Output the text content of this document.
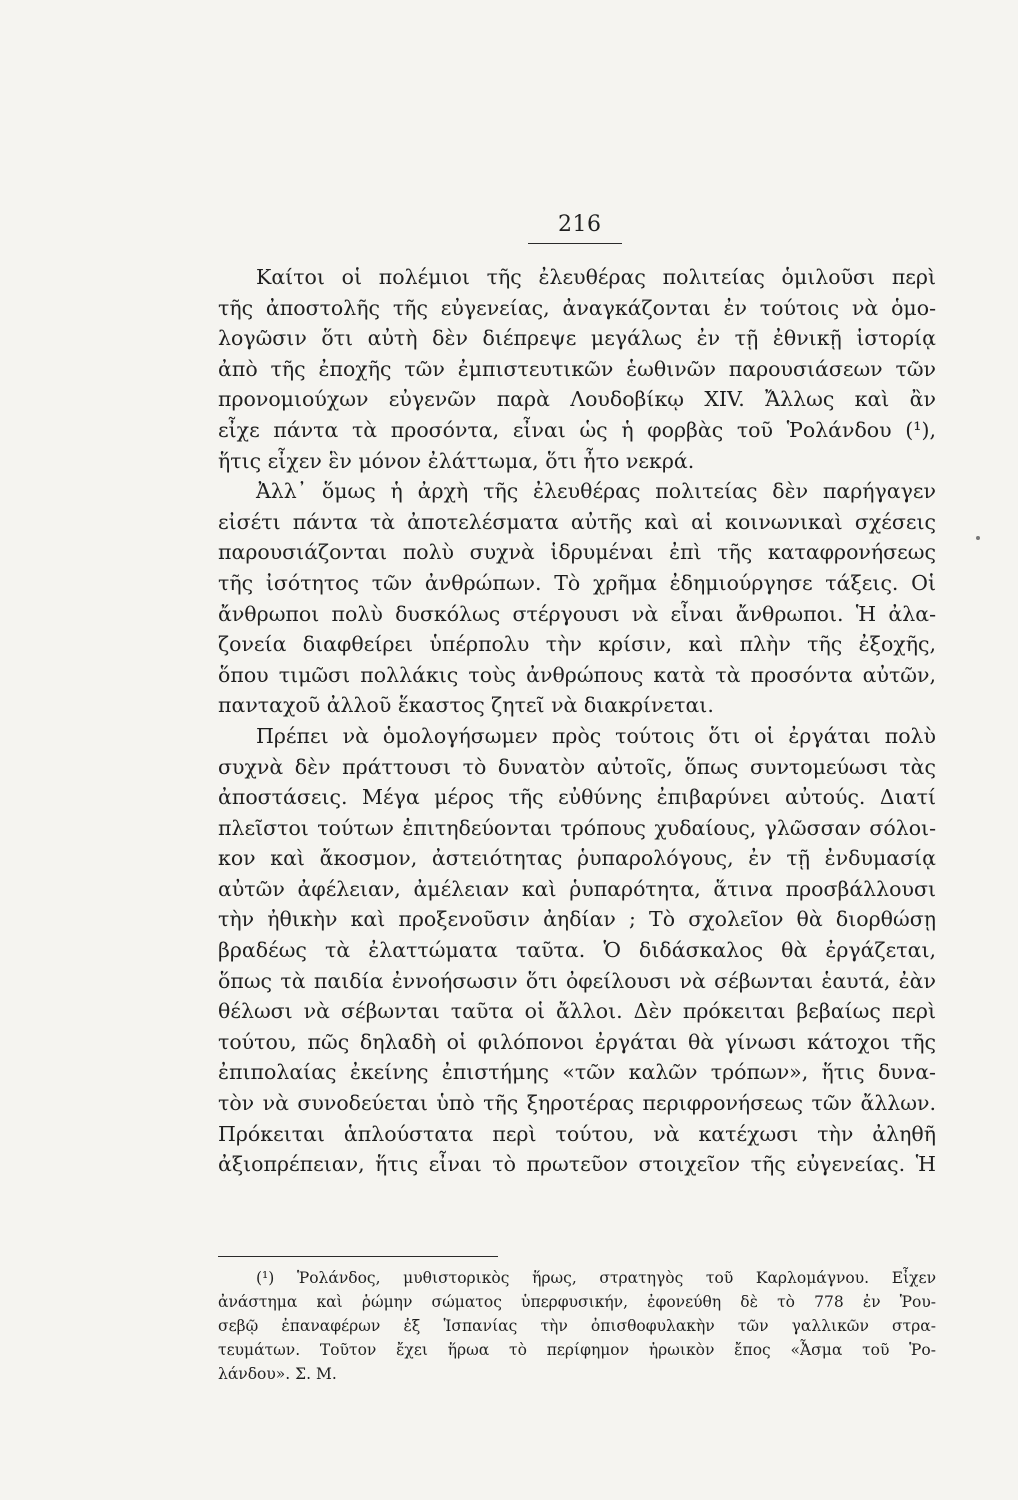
216
Καίτοι οἱ πολέμιοι τῆς ἐλευθέρας πολιτείας ὁμιλοῦσι περὶ
τῆς ἀποστολῆς τῆς εὐγενείας, ἀναγκάζονται ἐν τούτοις νὰ ὁμο-
λογῶσιν ὅτι αὐτὴ δὲν διέπρεψε μεγάλως ἐν τῇ ἐθνικῇ ἱστορίᾳ
ἀπὸ τῆς ἐποχῆς τῶν ἐμπιστευτικῶν ἑωθινῶν παρουσιάσεων τῶν
προνομιούχων εὐγενῶν παρὰ Λουδοβίκῳ XIV. Ἄλλως καὶ ἂν
εἶχε πάντα τὰ προσόντα, εἶναι ὡς ἡ φορβὰς τοῦ Ῥολάνδου (¹),
ἥτις εἶχεν ἓν μόνον ἐλάττωμα, ὅτι ἦτο νεκρά.
Ἀλλ᾽ ὅμως ἡ ἀρχὴ τῆς ἐλευθέρας πολιτείας δὲν παρήγαγεν
εἰσέτι πάντα τὰ ἀποτελέσματα αὐτῆς καὶ αἱ κοινωνικαὶ σχέσεις
παρουσιάζονται πολὺ συχνὰ ἱδρυμέναι ἐπὶ τῆς καταφρονήσεως
τῆς ἰσότητος τῶν ἀνθρώπων. Τὸ χρῆμα ἐδημιούργησε τάξεις. Οἱ
ἄνθρωποι πολὺ δυσκόλως στέργουσι νὰ εἶναι ἄνθρωποι. Ἡ ἀλα-
ζονεία διαφθείρει ὑπέρπολυ τὴν κρίσιν, καὶ πλὴν τῆς ἐξοχῆς,
ὅπου τιμῶσι πολλάκις τοὺς ἀνθρώπους κατὰ τὰ προσόντα αὐτῶν,
πανταχοῦ ἀλλοῦ ἕκαστος ζητεῖ νὰ διακρίνεται.
Πρέπει νὰ ὁμολογήσωμεν πρὸς τούτοις ὅτι οἱ ἐργάται πολὺ
συχνὰ δὲν πράττουσι τὸ δυνατὸν αὐτοῖς, ὅπως συντομεύωσι τὰς
ἀποστάσεις. Μέγα μέρος τῆς εὐθύνης ἐπιβαρύνει αὐτούς. Διατί
πλεῖστοι τούτων ἐπιτηδεύονται τρόπους χυδαίους, γλῶσσαν σόλοι-
κον καὶ ἄκοσμον, ἀστειότητας ῥυπαρολόγους, ἐν τῇ ἐνδυμασίᾳ
αὐτῶν ἀφέλειαν, ἀμέλειαν καὶ ῥυπαρότητα, ἅτινα προσβάλλουσι
τὴν ἠθικὴν καὶ προξενοῦσιν ἀηδίαν ; Τὸ σχολεῖον θὰ διορθώσῃ
βραδέως τὰ ἐλαττώματα ταῦτα. Ὁ διδάσκαλος θὰ ἐργάζεται,
ὅπως τὰ παιδία ἐννοήσωσιν ὅτι ὀφείλουσι νὰ σέβωνται ἑαυτά, ἐὰν
θέλωσι νὰ σέβωνται ταῦτα οἱ ἄλλοι. Δὲν πρόκειται βεβαίως περὶ
τούτου, πῶς δηλαδὴ οἱ φιλόπονοι ἐργάται θὰ γίνωσι κάτοχοι τῆς
ἐπιπολαίας ἐκείνης ἐπιστήμης «τῶν καλῶν τρόπων», ἥτις δυνα-
τὸν νὰ συνοδεύεται ὑπὸ τῆς ξηροτέρας περιφρονήσεως τῶν ἄλλων.
Πρόκειται ἁπλούστατα περὶ τούτου, νὰ κατέχωσι τὴν ἀληθῆ
ἀξιοπρέπειαν, ἥτις εἶναι τὸ πρωτεῦον στοιχεῖον τῆς εὐγενείας. Ἡ
(¹) Ῥολάνδος, μυθιστορικὸς ἥρως, στρατηγὸς τοῦ Καρλομάγνου. Εἶχεν
ἀνάστημα καὶ ῥώμην σώματος ὑπερφυσικήν, ἐφονεύθη δὲ τὸ 778 ἐν Ῥου-
σεβῷ ἐπαναφέρων ἐξ Ἱσπανίας τὴν ὀπισθοφυλακὴν τῶν γαλλικῶν στρα-
τευμάτων. Τοῦτον ἔχει ἥρωα τὸ περίφημον ἡρωικὸν ἔπος «Ἆσμα τοῦ Ῥο-
λάνδου». Σ. Μ.
